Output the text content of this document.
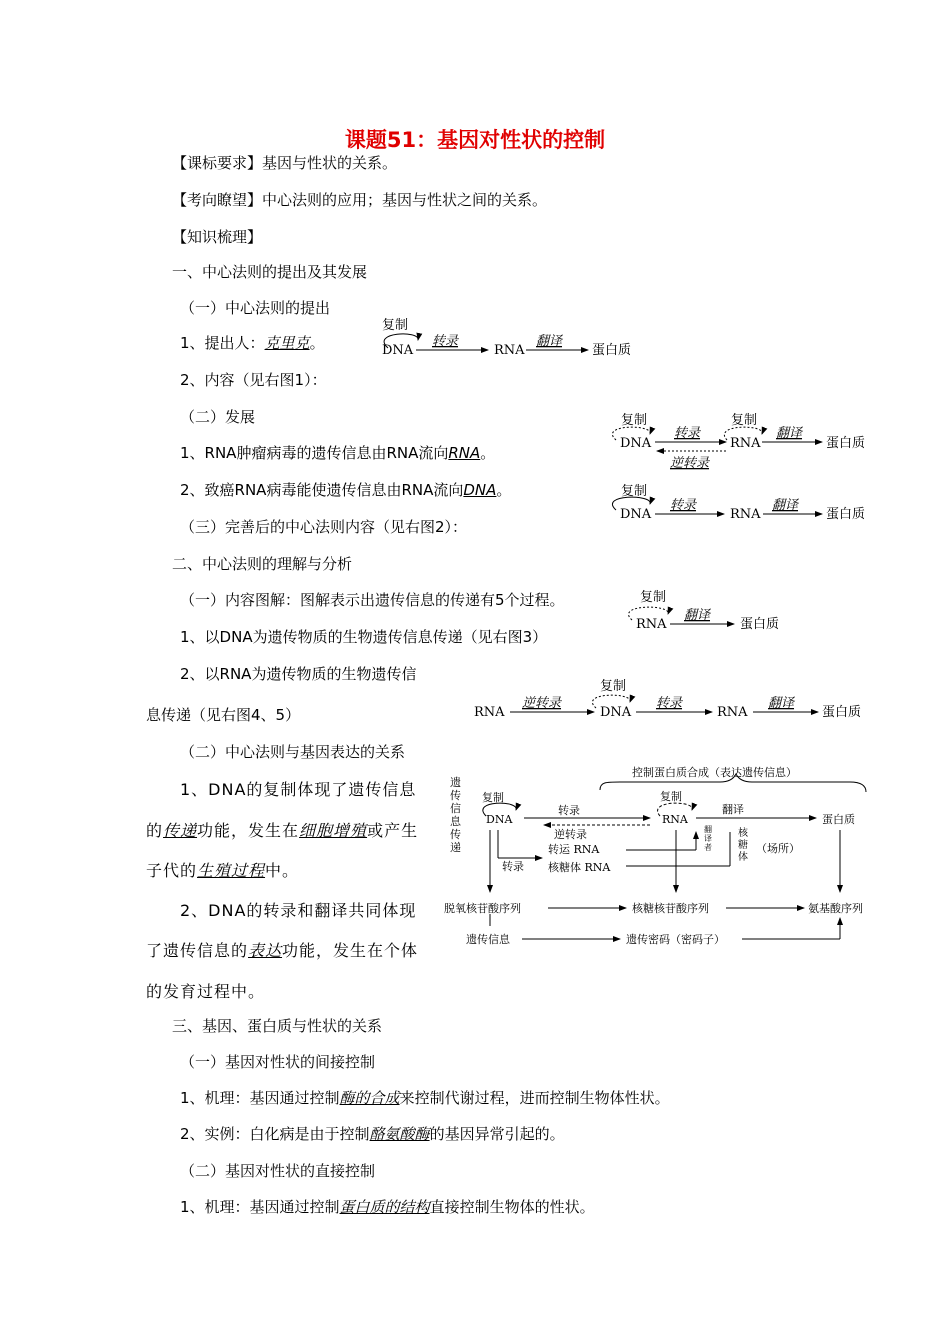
课题51：基因对性状的控制
【课标要求】基因与性状的关系。
【考向瞭望】中心法则的应用；基因与性状之间的关系。
【知识梳理】
一、中心法则的提出及其发展
（一）中心法则的提出
1、提出人：克里克。
2、内容（见右图1）：
（二）发展
1、RNA肿瘤病毒的遗传信息由RNA流向RNA。
2、致癌RNA病毒能使遗传信息由RNA流向DNA。
（三）完善后的中心法则内容（见右图2）：
二、中心法则的理解与分析
（一）内容图解：图解表示出遗传信息的传递有5个过程。
1、以DNA为遗传物质的生物遗传信息传递（见右图3）
2、以RNA为遗传物质的生物遗传信
息传递（见右图4、5）
（二）中心法则与基因表达的关系
1、DNA的复制体现了遗传信息
的传递功能，发生在细胞增殖或产生
子代的生殖过程中。
2、DNA的转录和翻译共同体现
了遗传信息的表达功能，发生在个体
的发育过程中。
三、基因、蛋白质与性状的关系
（一）基因对性状的间接控制
1、机理：基因通过控制酶的合成来控制代谢过程，进而控制生物体性状。
2、实例：白化病是由于控制酪氨酸酶的基因异常引起的。
（二）基因对性状的直接控制
1、机理：基因通过控制蛋白质的结构直接控制生物体的性状。
复制
DNA
转录
RNA
翻译
蛋白质
复制
DNA
转录
逆转录
复制
RNA
翻译
蛋白质
复制
DNA
转录
RNA
翻译
蛋白质
复制
RNA
翻译
蛋白质
RNA
逆转录
复制
DNA
转录
RNA
翻译
蛋白质
控制蛋白质合成（表达遗传信息）
遗
传
信
息
传
递
复制
DNA
转录
逆转录
复制
RNA
翻译
蛋白质
翻
译
者
核
糖
体
（场所）
转录
转运 RNA
核糖体 RNA
脱氧核苷酸序列	核糖核苷酸序列	氨基酸序列
遗传信息	遗传密码（密码子）
